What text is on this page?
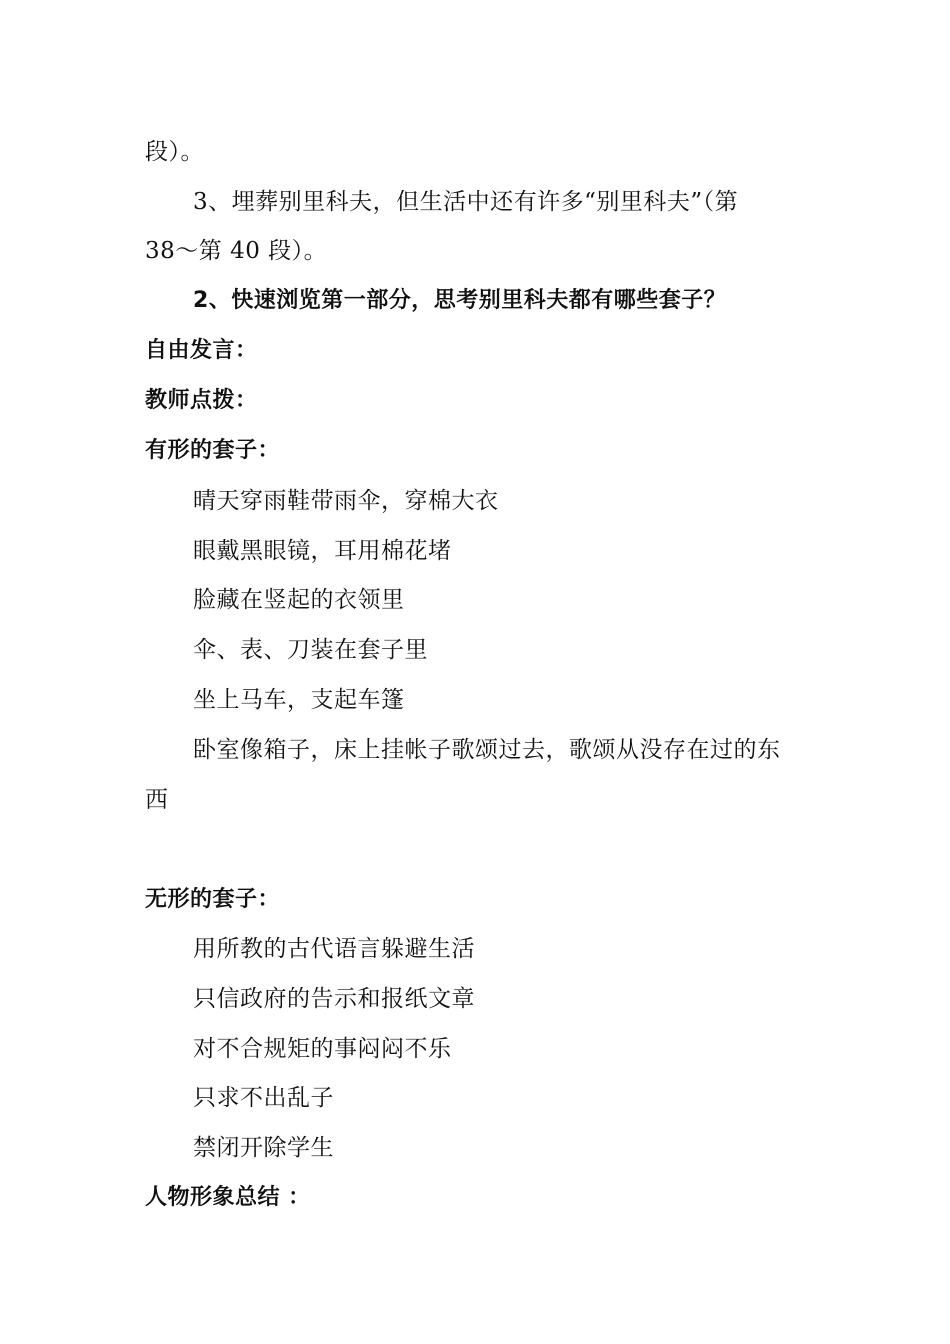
段）。
3、埋葬别里科夫，但生活中还有许多“别里科夫”（第
38～第 40 段）。
2、快速浏览第一部分，思考别里科夫都有哪些套子？
自由发言：
教师点拨：
有形的套子：
晴天穿雨鞋带雨伞，穿棉大衣
眼戴黑眼镜，耳用棉花堵
脸藏在竖起的衣领里
伞、表、刀装在套子里
坐上马车，支起车篷
卧室像箱子，床上挂帐子歌颂过去，歌颂从没存在过的东
西
无形的套子：
用所教的古代语言躲避生活
只信政府的告示和报纸文章
对不合规矩的事闷闷不乐
只求不出乱子
禁闭开除学生
人物形象总结 ：
